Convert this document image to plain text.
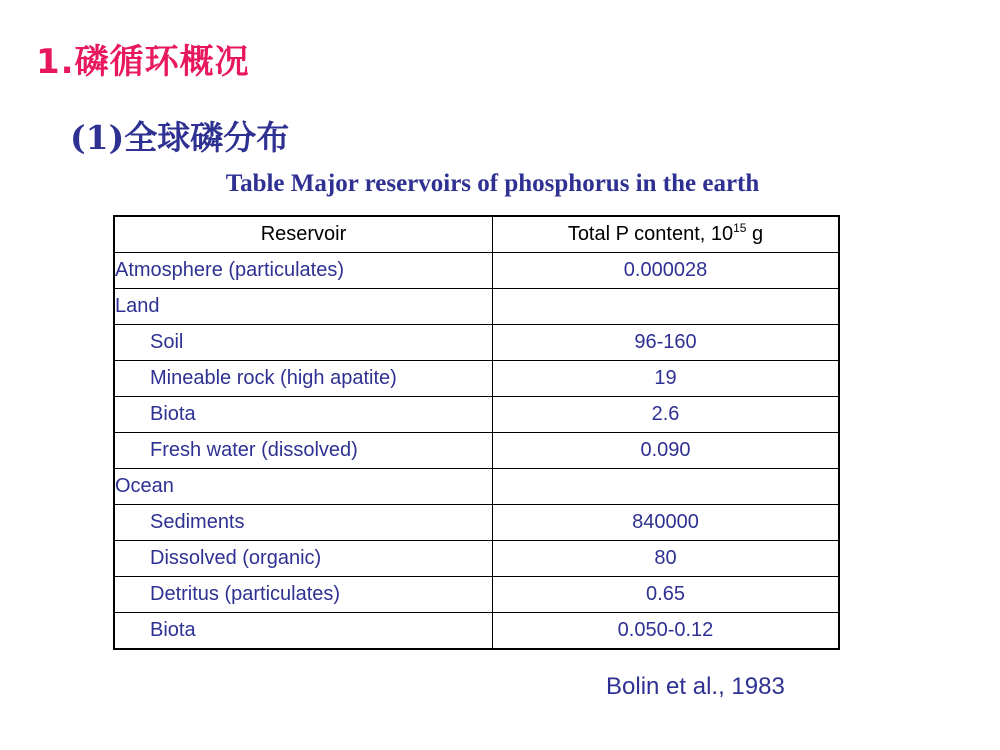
1.磷循环概况
(1)全球磷分布
Table Major reservoirs of phosphorus in the earth
Reservoir	Total P content, $10^{15}$ g
Atmosphere (particulates)	0.000028
Land	
Soil	96-160
Mineable rock (high apatite)	19
Biota	2.6
Fresh water (dissolved)	0.090
Ocean	
Sediments	840000
Dissolved (organic)	80
Detritus (particulates)	0.65
Biota	0.050-0.12
Bolin et al., 1983
